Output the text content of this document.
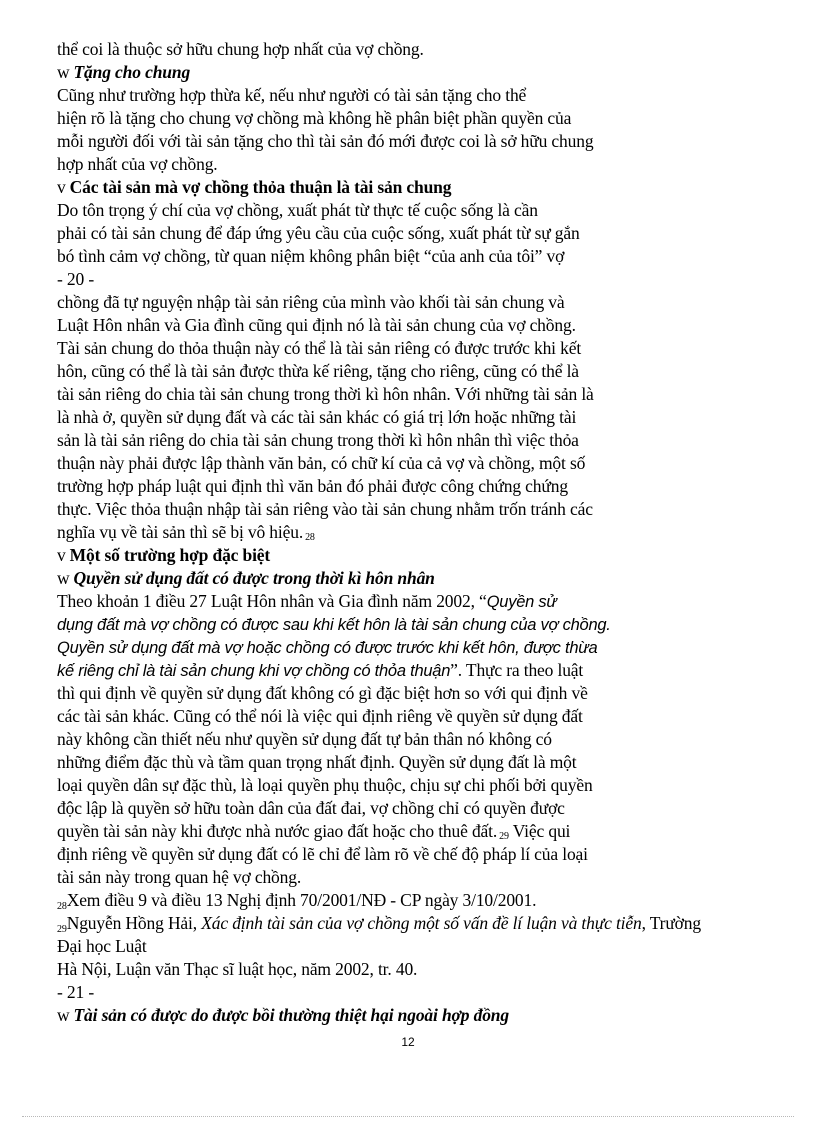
thể coi là thuộc sở hữu chung hợp nhất của vợ chồng.
w Tặng cho chung
Cũng như trường hợp thừa kế, nếu như người có tài sản tặng cho thể
hiện rõ là tặng cho chung vợ chồng mà không hề phân biệt phần quyền của
mỗi người đối với tài sản tặng cho thì tài sản đó mới được coi là sở hữu chung
hợp nhất của vợ chồng.
v Các tài sản mà vợ chồng thỏa thuận là tài sản chung
Do tôn trọng ý chí của vợ chồng, xuất phát từ thực tế cuộc sống là cần
phải có tài sản chung để đáp ứng yêu cầu của cuộc sống, xuất phát từ sự gắn
bó tình cảm vợ chồng, từ quan niệm không phân biệt “của anh của tôi” vợ
- 20 -
chồng đã tự nguyện nhập tài sản riêng của mình vào khối tài sản chung và
Luật Hôn nhân và Gia đình cũng qui định nó là tài sản chung của vợ chồng.
Tài sản chung do thỏa thuận này có thể là tài sản riêng có được trước khi kết
hôn, cũng có thể là tài sản được thừa kế riêng, tặng cho riêng, cũng có thể là
tài sản riêng do chia tài sản chung trong thời kì hôn nhân. Với những tài sản là
là nhà ở, quyền sử dụng đất và các tài sản khác có giá trị lớn hoặc những tài
sản là tài sản riêng do chia tài sản chung trong thời kì hôn nhân thì việc thỏa
thuận này phải được lập thành văn bản, có chữ kí của cả vợ và chồng, một số
trường hợp pháp luật qui định thì văn bản đó phải được công chứng chứng
thực. Việc thỏa thuận nhập tài sản riêng vào tài sản chung nhằm trốn tránh các
nghĩa vụ về tài sản thì sẽ bị vô hiệu. $_{28}$
v Một số trường hợp đặc biệt
w Quyền sử dụng đất có được trong thời kì hôn nhân
Theo khoản 1 điều 27 Luật Hôn nhân và Gia đình năm 2002, “Quyền sử
dụng đất mà vợ chồng có được sau khi kết hôn là tài sản chung của vợ chồng.
Quyền sử dụng đất mà vợ hoặc chồng có được trước khi kết hôn, được thừa
kế riêng chỉ là tài sản chung khi vợ chồng có thỏa thuận”. Thực ra theo luật
thì qui định về quyền sử dụng đất không có gì đặc biệt hơn so với qui định về
các tài sản khác. Cũng có thể nói là việc qui định riêng về quyền sử dụng đất
này không cần thiết nếu như quyền sử dụng đất tự bản thân nó không có
những điểm đặc thù và tầm quan trọng nhất định. Quyền sử dụng đất là một
loại quyền dân sự đặc thù, là loại quyền phụ thuộc, chịu sự chi phối bởi quyền
độc lập là quyền sở hữu toàn dân của đất đai, vợ chồng chỉ có quyền được
quyền tài sản này khi được nhà nước giao đất hoặc cho thuê đất. $_{29}$ Việc qui
định riêng về quyền sử dụng đất có lẽ chỉ để làm rõ về chế độ pháp lí của loại
tài sản này trong quan hệ vợ chồng.
28Xem điều 9 và điều 13 Nghị định 70/2001/NĐ - CP ngày 3/10/2001.
29Nguyễn Hồng Hải, Xác định tài sản của vợ chồng một số vấn đề lí luận và thực tiễn, Trường
Đại học Luật
Hà Nội, Luận văn Thạc sĩ luật học, năm 2002, tr. 40.
- 21 -
w Tài sản có được do được bồi thường thiệt hại ngoài hợp đồng
12
